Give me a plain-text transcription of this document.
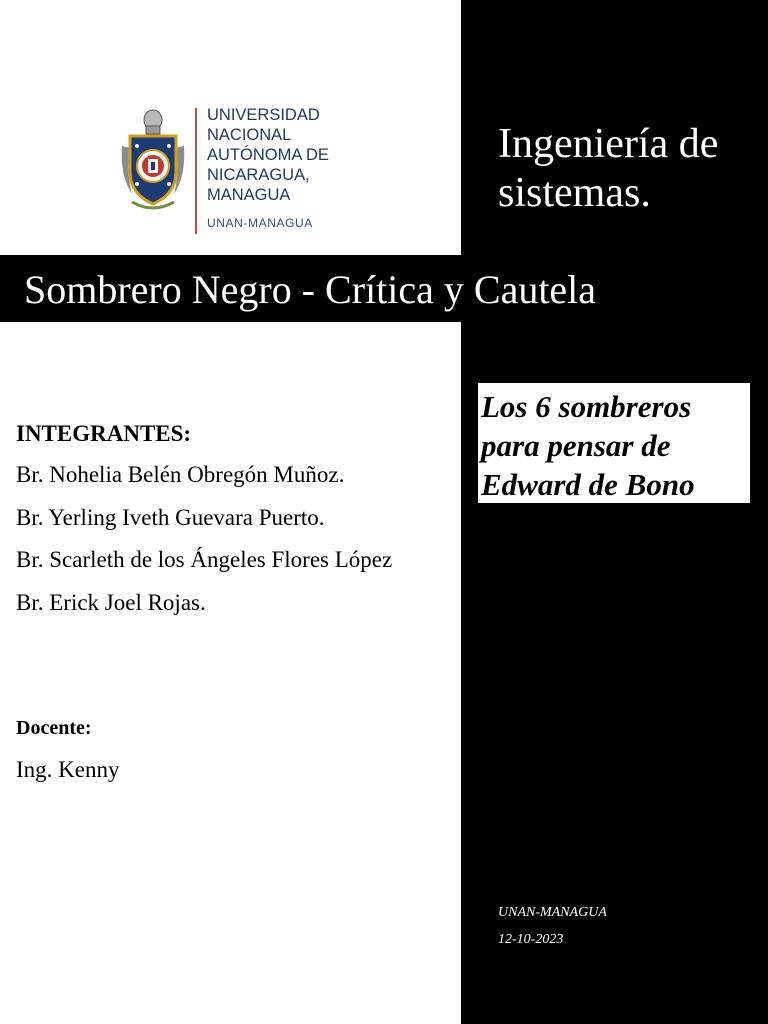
UNIVERSIDAD
NACIONAL
AUTÓNOMA DE
NICARAGUA,
MANAGUA
UNAN-MANAGUA
Ingeniería de
sistemas.
Sombrero Negro - Crítica y Cautela
Los 6 sombreros
para pensar de
Edward de Bono
INTEGRANTES:
Br. Nohelia Belén Obregón Muñoz.
Br. Yerling Iveth Guevara Puerto.
Br. Scarleth de los Ángeles Flores López
Br. Erick Joel Rojas.
Docente:
Ing. Kenny
UNAN-MANAGUA
12-10-2023
